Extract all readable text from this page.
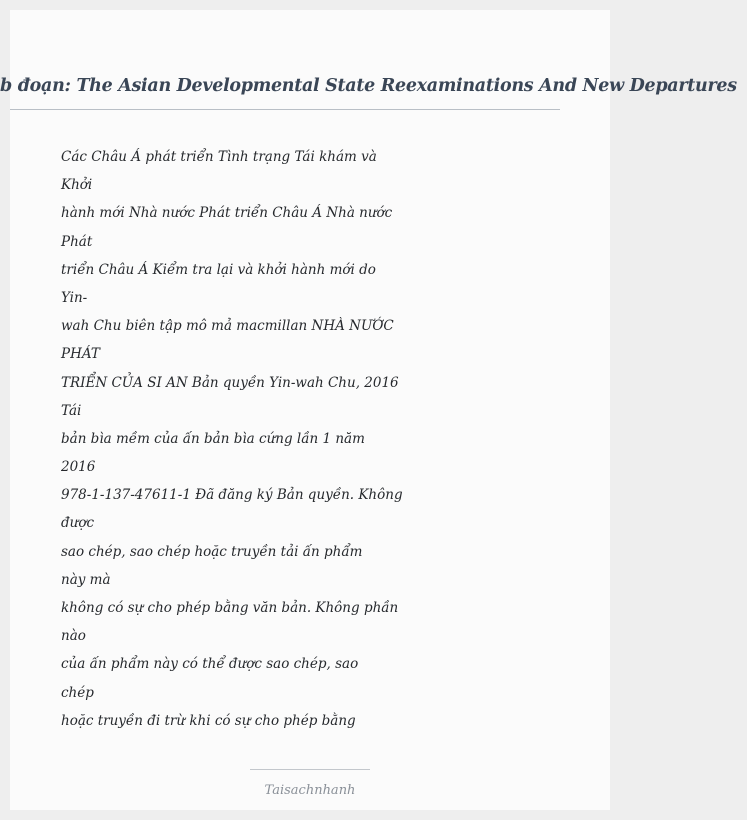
b đoạn: The Asian Developmental State Reexaminations And New Departures
Các Châu Á phát triển Tình trạng Tái khám và
Khởi
hành mới Nhà nước Phát triển Châu Á Nhà nước
Phát
triển Châu Á Kiểm tra lại và khởi hành mới do
Yin-
wah Chu biên tập mô mả macmillan NHÀ NƯỚC
PHÁT
TRIỂN CỦA SI AN Bản quyền Yin-wah Chu, 2016
Tái
bản bìa mềm của ấn bản bìa cứng lần 1 năm
2016
978-1-137-47611-1 Đã đăng ký Bản quyền. Không
được
sao chép, sao chép hoặc truyền tải ấn phẩm
này mà
không có sự cho phép bằng văn bản. Không phần
nào
của ấn phẩm này có thể được sao chép, sao
chép
hoặc truyền đi trừ khi có sự cho phép bằng
Taisachnhanh
